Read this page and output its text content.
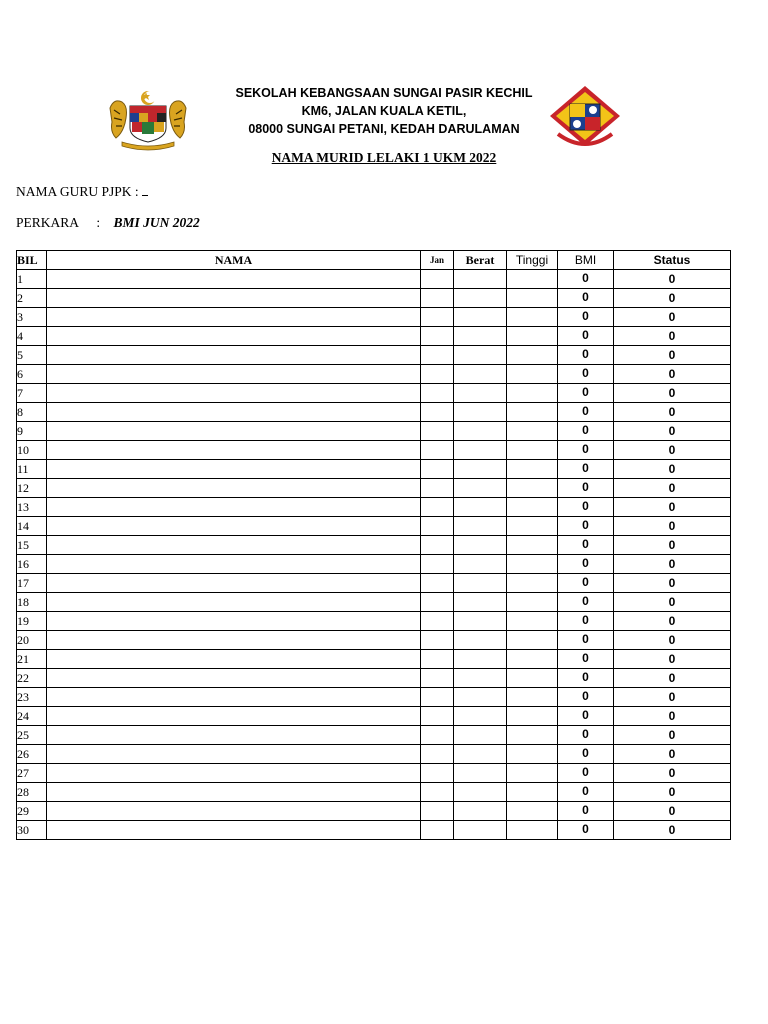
SEKOLAH KEBANGSAAN SUNGAI PASIR KECHIL
KM6, JALAN KUALA KETIL,
08000 SUNGAI PETANI, KEDAH DARULAMAN
NAMA MURID LELAKI 1 UKM 2022
NAMA GURU PJPK :
PERKARA : BMI JUN 2022
BIL	NAMA	Jan	Berat	Tinggi	BMI	Status
1					0	0
2					0	0
3					0	0
4					0	0
5					0	0
6					0	0
7					0	0
8					0	0
9					0	0
10					0	0
11					0	0
12					0	0
13					0	0
14					0	0
15					0	0
16					0	0
17					0	0
18					0	0
19					0	0
20					0	0
21					0	0
22					0	0
23					0	0
24					0	0
25					0	0
26					0	0
27					0	0
28					0	0
29					0	0
30					0	0
